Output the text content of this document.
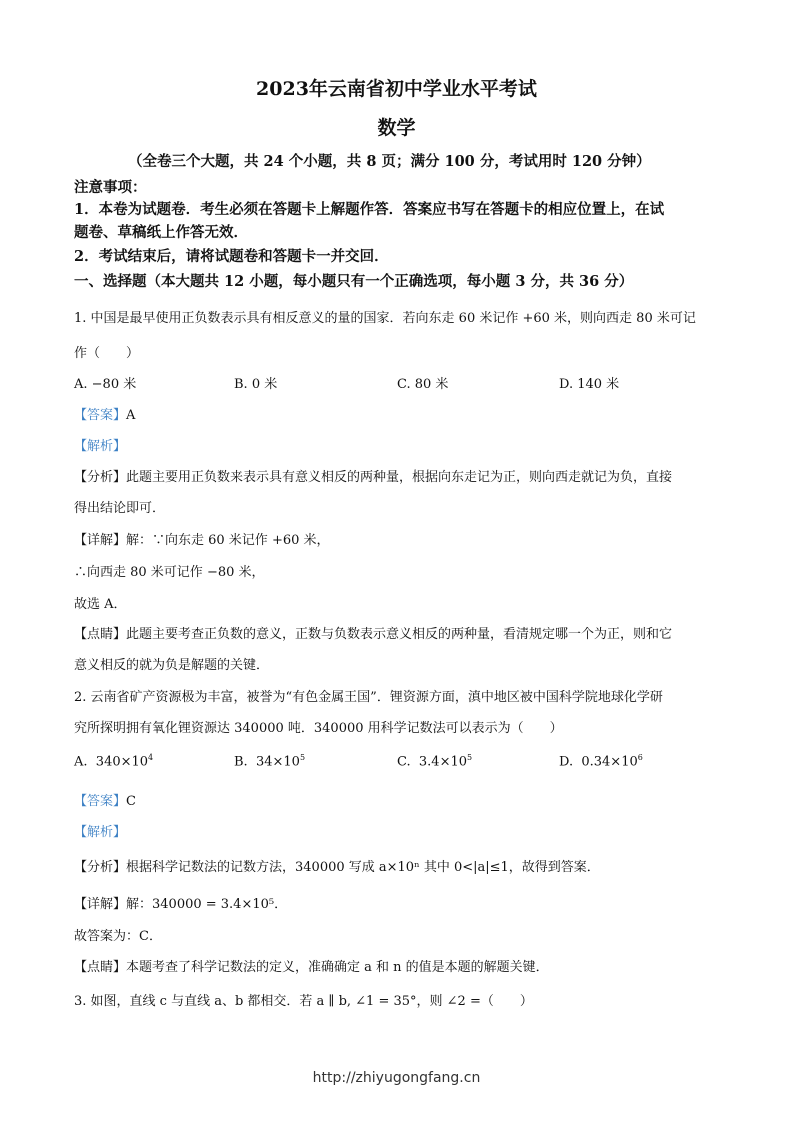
2023年云南省初中学业水平考试
数学
（全卷三个大题，共 24 个小题，共 8 页；满分 100 分，考试用时 120 分钟）
注意事项：
1．本卷为试题卷．考生必须在答题卡上解题作答．答案应书写在答题卡的相应位置上，在试
题卷、草稿纸上作答无效．
2．考试结束后，请将试题卷和答题卡一并交回．
一、选择题（本大题共 12 小题，每小题只有一个正确选项，每小题 3 分，共 36 分）
1. 中国是最早使用正负数表示具有相反意义的量的国家．若向东走 60 米记作 +60 米，则向西走 80 米可记
作（　　）
A. −80 米	B. 0 米	C. 80 米	D. 140 米
【答案】A
【解析】
【分析】此题主要用正负数来表示具有意义相反的两种量，根据向东走记为正，则向西走就记为负，直接
得出结论即可．
【详解】解：∵向东走 60 米记作 +60 米，
∴向西走 80 米可记作 −80 米，
故选 A．
【点睛】此题主要考查正负数的意义，正数与负数表示意义相反的两种量，看清规定哪一个为正，则和它
意义相反的就为负是解题的关键．
2. 云南省矿产资源极为丰富，被誉为“有色金属王国”．锂资源方面，滇中地区被中国科学院地球化学研
究所探明拥有氧化锂资源达 340000 吨．340000 用科学记数法可以表示为（　　）
A. $340\times 10^4$	B. $34\times 10^5$	C. $3.4\times 10^5$	D. $0.34\times 10^6$
【答案】C
【解析】
【分析】根据科学记数法的记数方法，340000 写成 a×10ⁿ 其中 0<|a|≤1，故得到答案．
【详解】解：340000 = 3.4×10⁵．
故答案为：C．
【点睛】本题考查了科学记数法的定义，准确确定 a 和 n 的值是本题的解题关键．
3. 如图，直线 c 与直线 a、b 都相交．若 a ∥ b, ∠1 = 35°，则 ∠2 =（　　）
http://zhiyugongfang.cn
